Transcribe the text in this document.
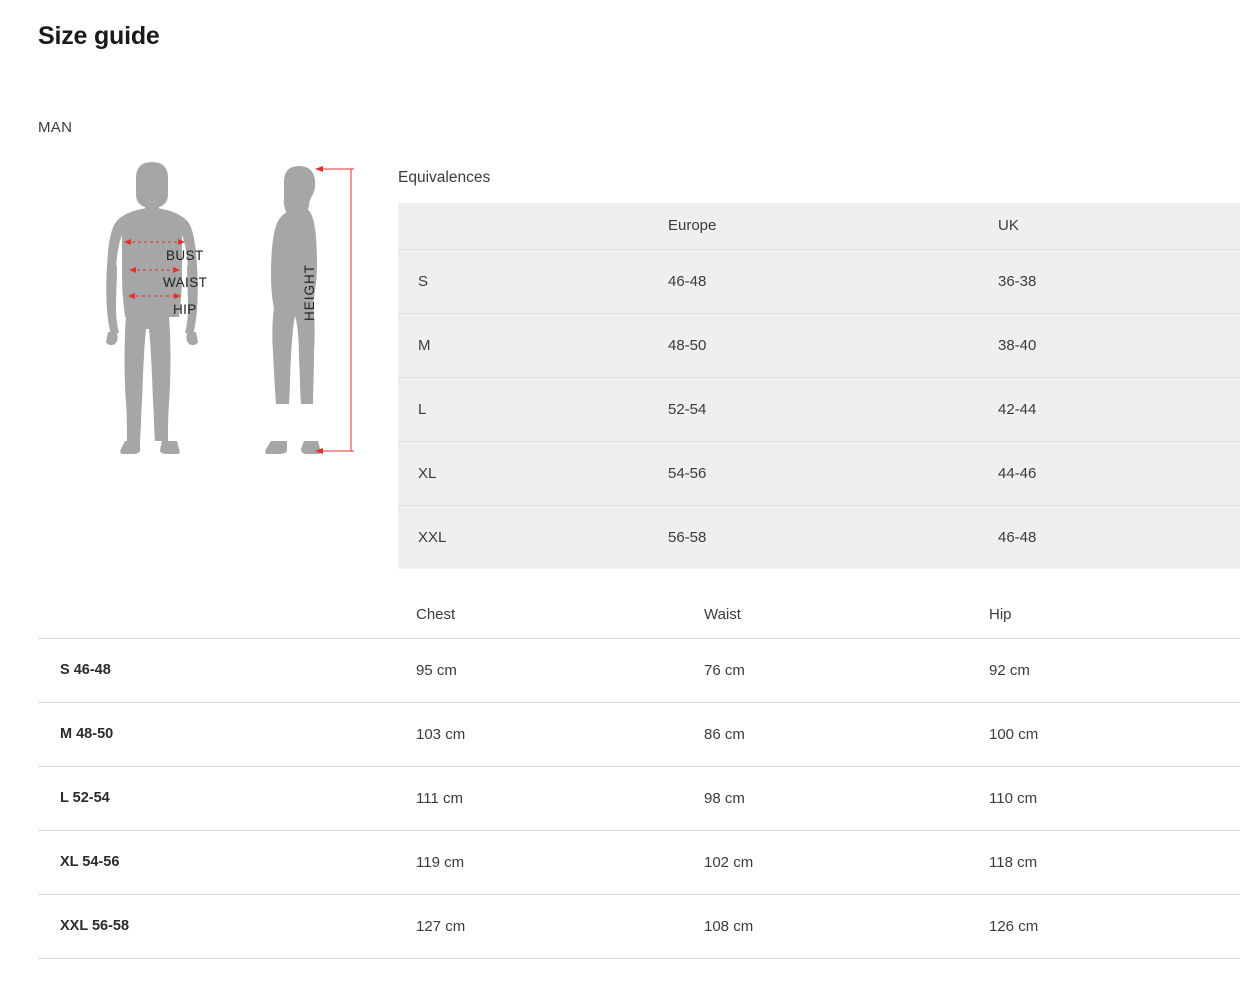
Size guide
MAN
BUST
WAIST
HIP	HEIGHT
Equivalences
	Europe	UK
S	46-48	36-38
M	48-50	38-40
L	52-54	42-44
XL	54-56	44-46
XXL	56-58	46-48
	Chest	Waist	Hip
S 46-48	95 cm	76 cm	92 cm
M 48-50	103 cm	86 cm	100 cm
L 52-54	111 cm	98 cm	110 cm
XL 54-56	119 cm	102 cm	118 cm
XXL 56-58	127 cm	108 cm	126 cm
